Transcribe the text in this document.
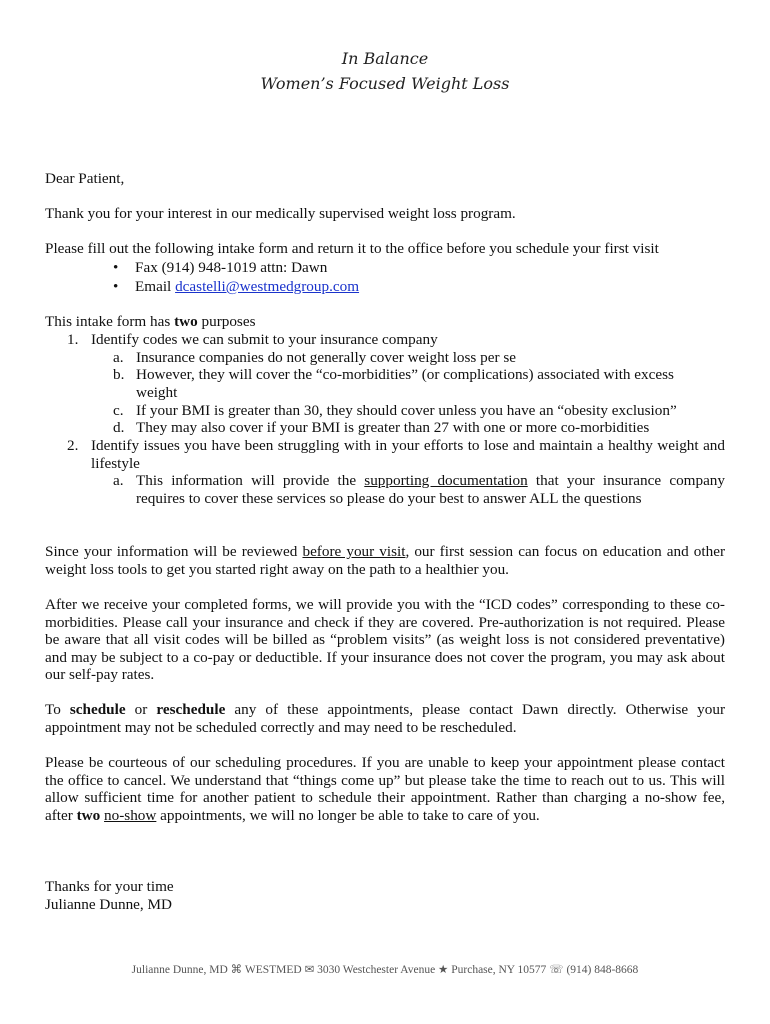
In Balance
Women’s Focused Weight Loss
Dear Patient,
Thank you for your interest in our medically supervised weight loss program.
Please fill out the following intake form and return it to the office before you schedule your first visit
• Fax (914) 948-1019 attn: Dawn
• Email dcastelli@westmedgroup.com
This intake form has two purposes
1. Identify codes we can submit to your insurance company
a. Insurance companies do not generally cover weight loss per se
b. However, they will cover the “co-morbidities” (or complications) associated with excess
weight
c. If your BMI is greater than 30, they should cover unless you have an “obesity exclusion”
d. They may also cover if your BMI is greater than 27 with one or more co-morbidities
2. Identify issues you have been struggling with in your efforts to lose and maintain a healthy weight and lifestyle
a. This information will provide the supporting documentation that your insurance company requires to cover these services so please do your best to answer ALL the questions
Since your information will be reviewed before your visit, our first session can focus on education and other weight loss tools to get you started right away on the path to a healthier you.
After we receive your completed forms, we will provide you with the “ICD codes” corresponding to these co-morbidities. Please call your insurance and check if they are covered. Pre-authorization is not required. Please be aware that all visit codes will be billed as “problem visits” (as weight loss is not considered preventative) and may be subject to a co-pay or deductible. If your insurance does not cover the program, you may ask about our self-pay rates.
To schedule or reschedule any of these appointments, please contact Dawn directly. Otherwise your appointment may not be scheduled correctly and may need to be rescheduled.
Please be courteous of our scheduling procedures. If you are unable to keep your appointment please contact the office to cancel. We understand that “things come up” but please take the time to reach out to us. This will allow sufficient time for another patient to schedule their appointment. Rather than charging a no-show fee, after two no-show appointments, we will no longer be able to take to care of you.
Thanks for your time
Julianne Dunne, MD
Julianne Dunne, MD ⌘ WESTMED ✉ 3030 Westchester Avenue ★ Purchase, NY 10577 ☏ (914) 848-8668
